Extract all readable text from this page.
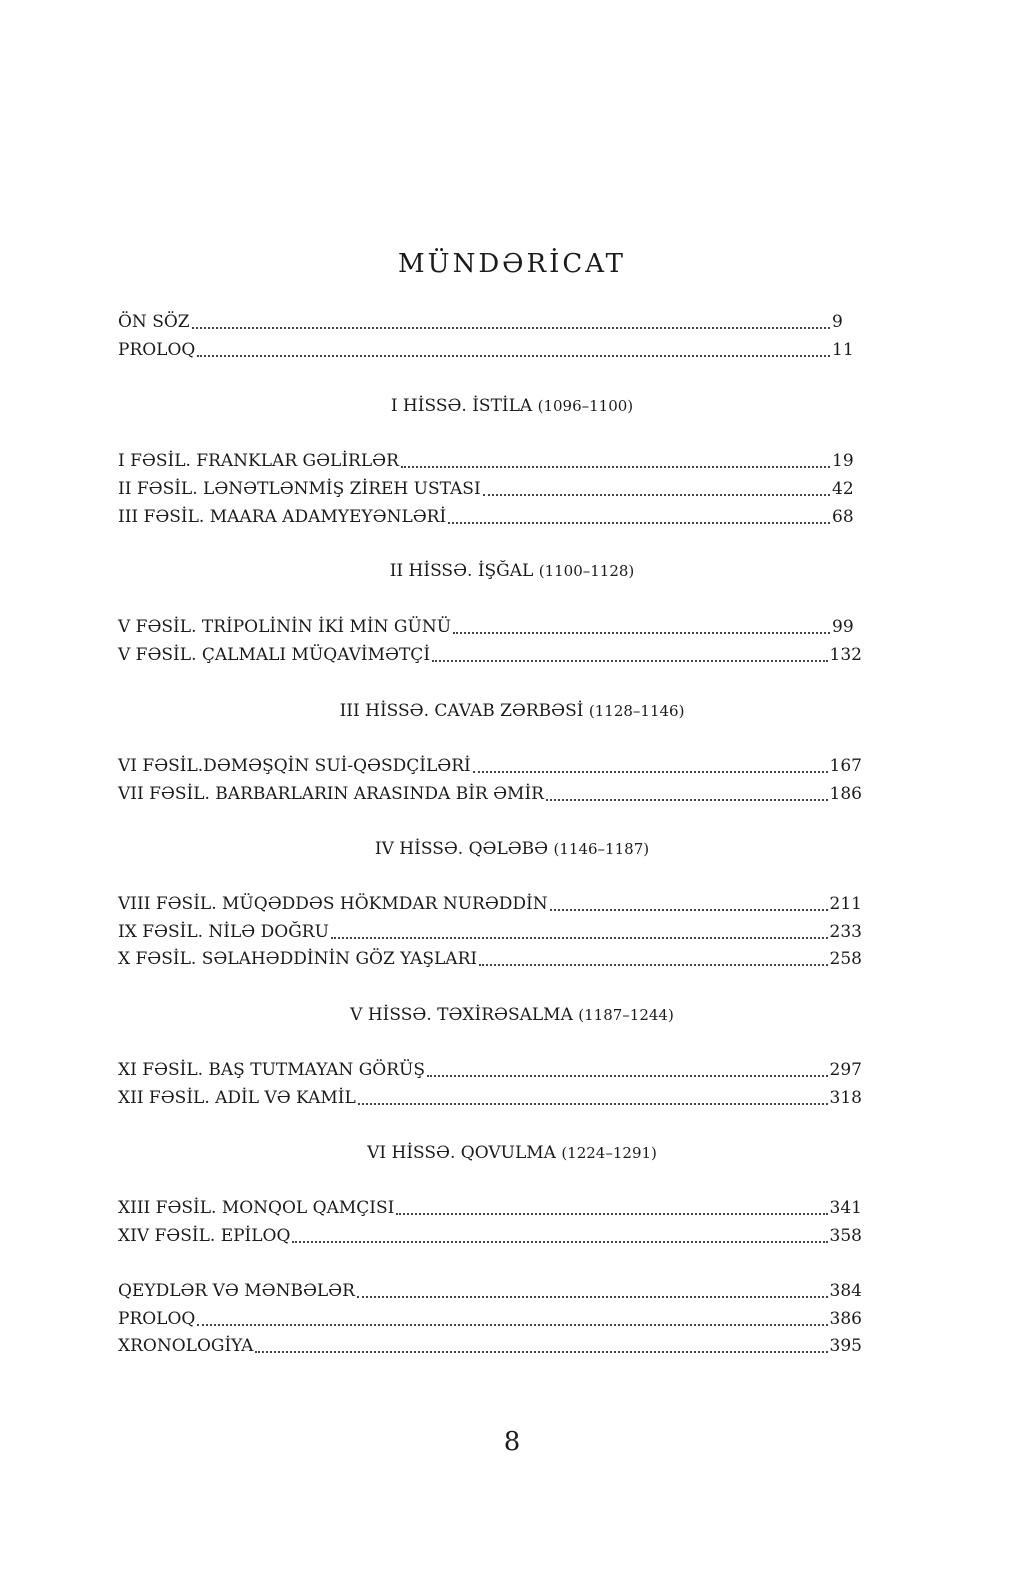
MÜNDƏRİCAT
ÖN SÖZ	9
PROLOQ	11
I HİSSƏ. İSTİLA (1096–1100)
I FƏSİL. FRANKLAR GƏLİRLƏR	19
II FƏSİL. LƏNƏTLƏNMİŞ ZİREH USTASI	42
III FƏSİL. MAARA ADAMYEYƏNLƏRİ	68
II HİSSƏ. İŞĞAL (1100–1128)
V FƏSİL. TRİPOLİNİN İKİ MİN GÜNÜ	99
V FƏSİL. ÇALMALI MÜQAVİMƏTÇİ	132
III HİSSƏ. CAVAB ZƏRBƏSİ (1128–1146)
VI FƏSİL.DƏMƏŞQİN SUİ-QƏSDÇİLƏRİ	167
VII FƏSİL. BARBARLARIN ARASINDA BİR ƏMİR	186
IV HİSSƏ. QƏLƏBƏ (1146–1187)
VIII FƏSİL. MÜQƏDDƏS HÖKMDAR NURƏDDİN	211
IX FƏSİL. NİLƏ DOĞRU	233
X FƏSİL. SƏLAHƏDDİNİN GÖZ YAŞLARI	258
V HİSSƏ. TƏXİRƏSALMA (1187–1244)
XI FƏSİL. BAŞ TUTMAYAN GÖRÜŞ	297
XII FƏSİL. ADİL VƏ KAMİL	318
VI HİSSƏ. QOVULMA (1224–1291)
XIII FƏSİL. MONQOL QAMÇISI	341
XIV FƏSİL. EPİLOQ	358
QEYDLƏR VƏ MƏNBƏLƏR	384
PROLOQ	386
XRONOLOGİYA	395
8
